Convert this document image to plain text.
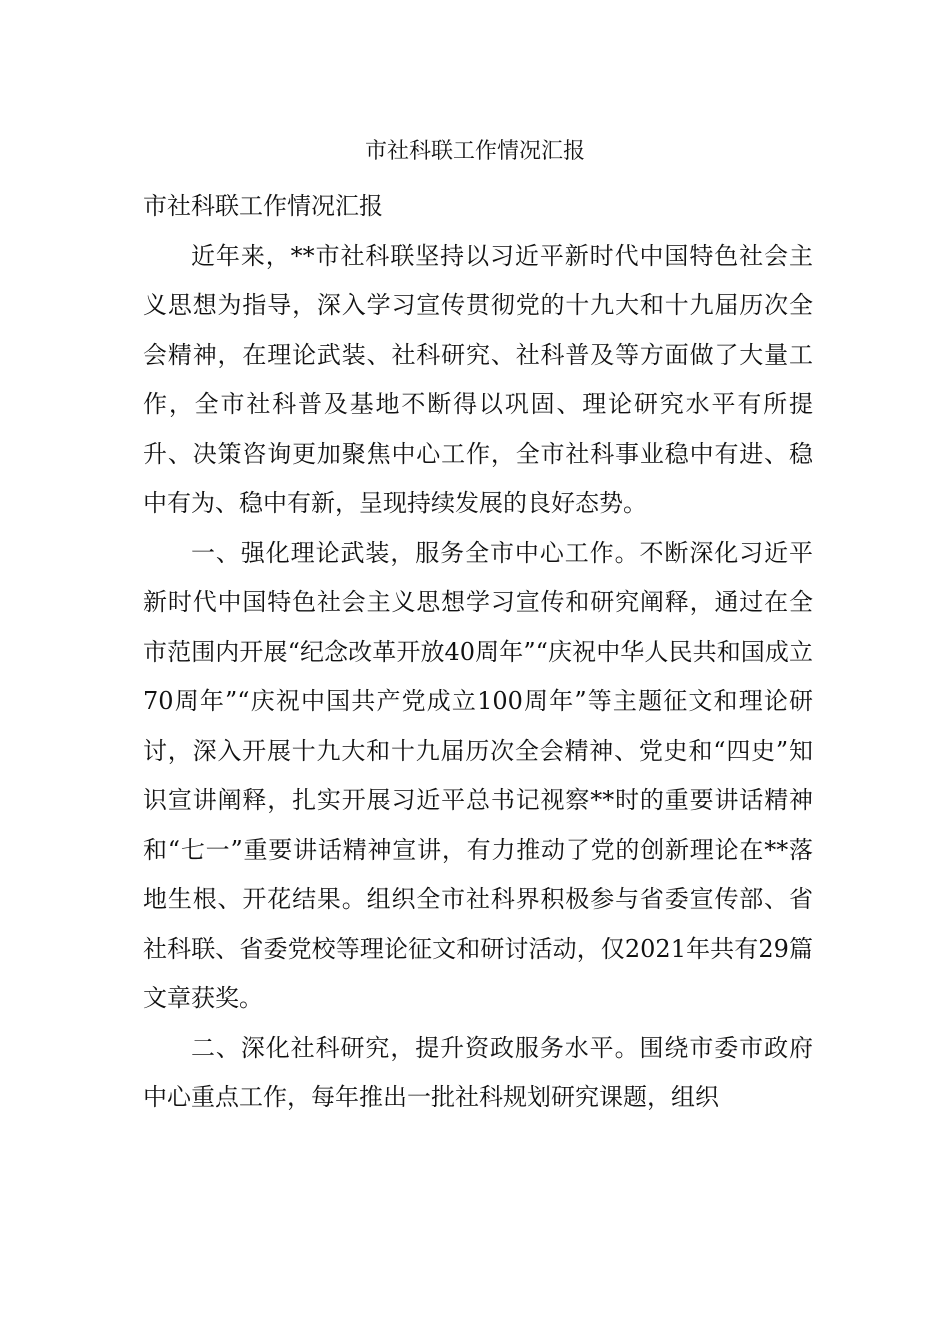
市社科联工作情况汇报

市社科联工作情况汇报

近年来，**市社科联坚持以习近平新时代中国特色社会主义思想为指导，深入学习宣传贯彻党的十九大和十九届历次全会精神，在理论武装、社科研究、社科普及等方面做了大量工作，全市社科普及基地不断得以巩固、理论研究水平有所提升、决策咨询更加聚焦中心工作，全市社科事业稳中有进、稳中有为、稳中有新，呈现持续发展的良好态势。

一、强化理论武装，服务全市中心工作。不断深化习近平新时代中国特色社会主义思想学习宣传和研究阐释，通过在全市范围内开展“纪念改革开放40周年”“庆祝中华人民共和国成立70周年”“庆祝中国共产党成立100周年”等主题征文和理论研讨，深入开展十九大和十九届历次全会精神、党史和“四史”知识宣讲阐释，扎实开展习近平总书记视察**时的重要讲话精神和“七一”重要讲话精神宣讲，有力推动了党的创新理论在**落地生根、开花结果。组织全市社科界积极参与省委宣传部、省社科联、省委党校等理论征文和研讨活动，仅2021年共有29篇文章获奖。

二、深化社科研究，提升资政服务水平。围绕市委市政府中心重点工作，每年推出一批社科规划研究课题，组织
